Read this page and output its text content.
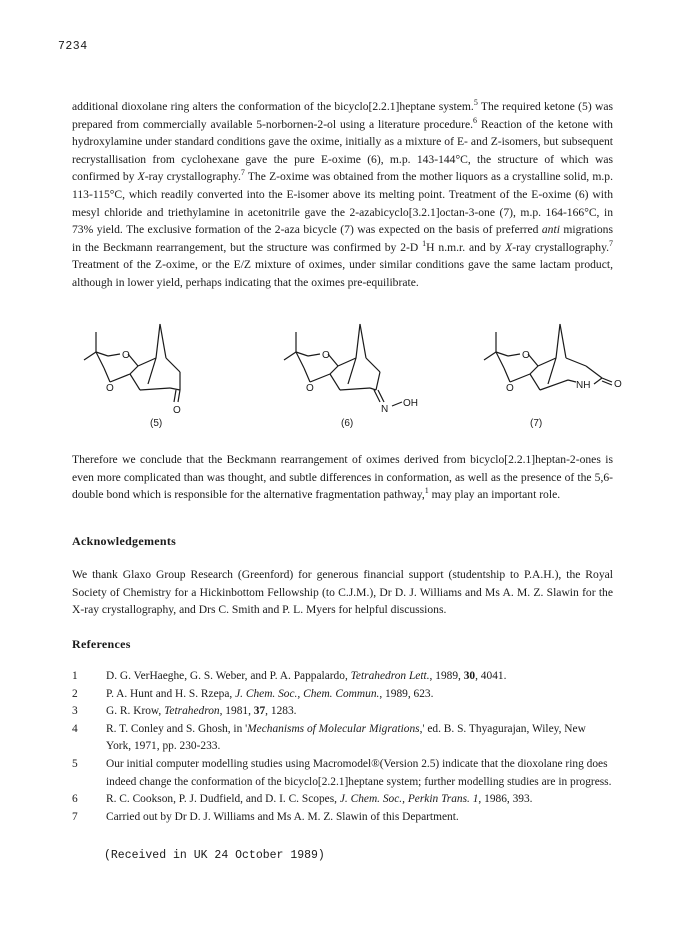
7234

additional dioxolane ring alters the conformation of the bicyclo[2.2.1]heptane system.$^5$ The required ketone (5) was prepared from commercially available 5-norbornen-2-ol using a literature procedure.$^6$ Reaction of the ketone with hydroxylamine under standard conditions gave the oxime, initially as a mixture of E- and Z-isomers, but subsequent recrystallisation from cyclohexane gave the pure E-oxime (6), m.p. 143-144°C, the structure of which was confirmed by X-ray crystallography.$^7$ The Z-oxime was obtained from the mother liquors as a crystalline solid, m.p. 113-115°C, which readily converted into the E-isomer above its melting point. Treatment of the E-oxime (6) with mesyl chloride and triethylamine in acetonitrile gave the 2-azabicyclo[3.2.1]octan-3-one (7), m.p. 164-166°C, in 73% yield. The exclusive formation of the 2-aza bicycle (7) was expected on the basis of preferred anti migrations in the Beckmann rearrangement, but the structure was confirmed by 2-D $^1$H n.m.r. and by X-ray crystallography.$^7$ Treatment of the Z-oxime, or the E/Z mixture of oximes, under similar conditions gave the same lactam product, although in lower yield, perhaps indicating that the oximes pre-equilibrate.

O
O
O
O
O
N
OH
O
O	NH O
(5)	(6)	(7)

Therefore we conclude that the Beckmann rearrangement of oximes derived from bicyclo[2.2.1]heptan-2-ones is even more complicated than was thought, and subtle differences in conformation, as well as the presence of the 5,6-double bond which is responsible for the alternative fragmentation pathway,$^1$ may play an important role.

Acknowledgements

We thank Glaxo Group Research (Greenford) for generous financial support (studentship to P.A.H.), the Royal Society of Chemistry for a Hickinbottom Fellowship (to C.J.M.), Dr D. J. Williams and Ms A. M. Z. Slawin for the X-ray crystallography, and Drs C. Smith and P. L. Myers for helpful discussions.

References
1	D. G. VerHaeghe, G. S. Weber, and P. A. Pappalardo, Tetrahedron Lett., 1989, 30, 4041.
2	P. A. Hunt and H. S. Rzepa, J. Chem. Soc., Chem. Commun., 1989, 623.
3	G. R. Krow, Tetrahedron, 1981, 37, 1283.
4	R. T. Conley and S. Ghosh, in 'Mechanisms of Molecular Migrations,' ed. B. S. Thyagurajan, Wiley, New York, 1971, pp. 230-233.
5	Our initial computer modelling studies using Macromodel®(Version 2.5) indicate that the dioxolane ring does indeed change the conformation of the bicyclo[2.2.1]heptane system; further modelling studies are in progress.
6	R. C. Cookson, P. J. Dudfield, and D. I. C. Scopes, J. Chem. Soc., Perkin Trans. 1, 1986, 393.
7	Carried out by Dr D. J. Williams and Ms A. M. Z. Slawin of this Department.
(Received in UK 24 October 1989)
